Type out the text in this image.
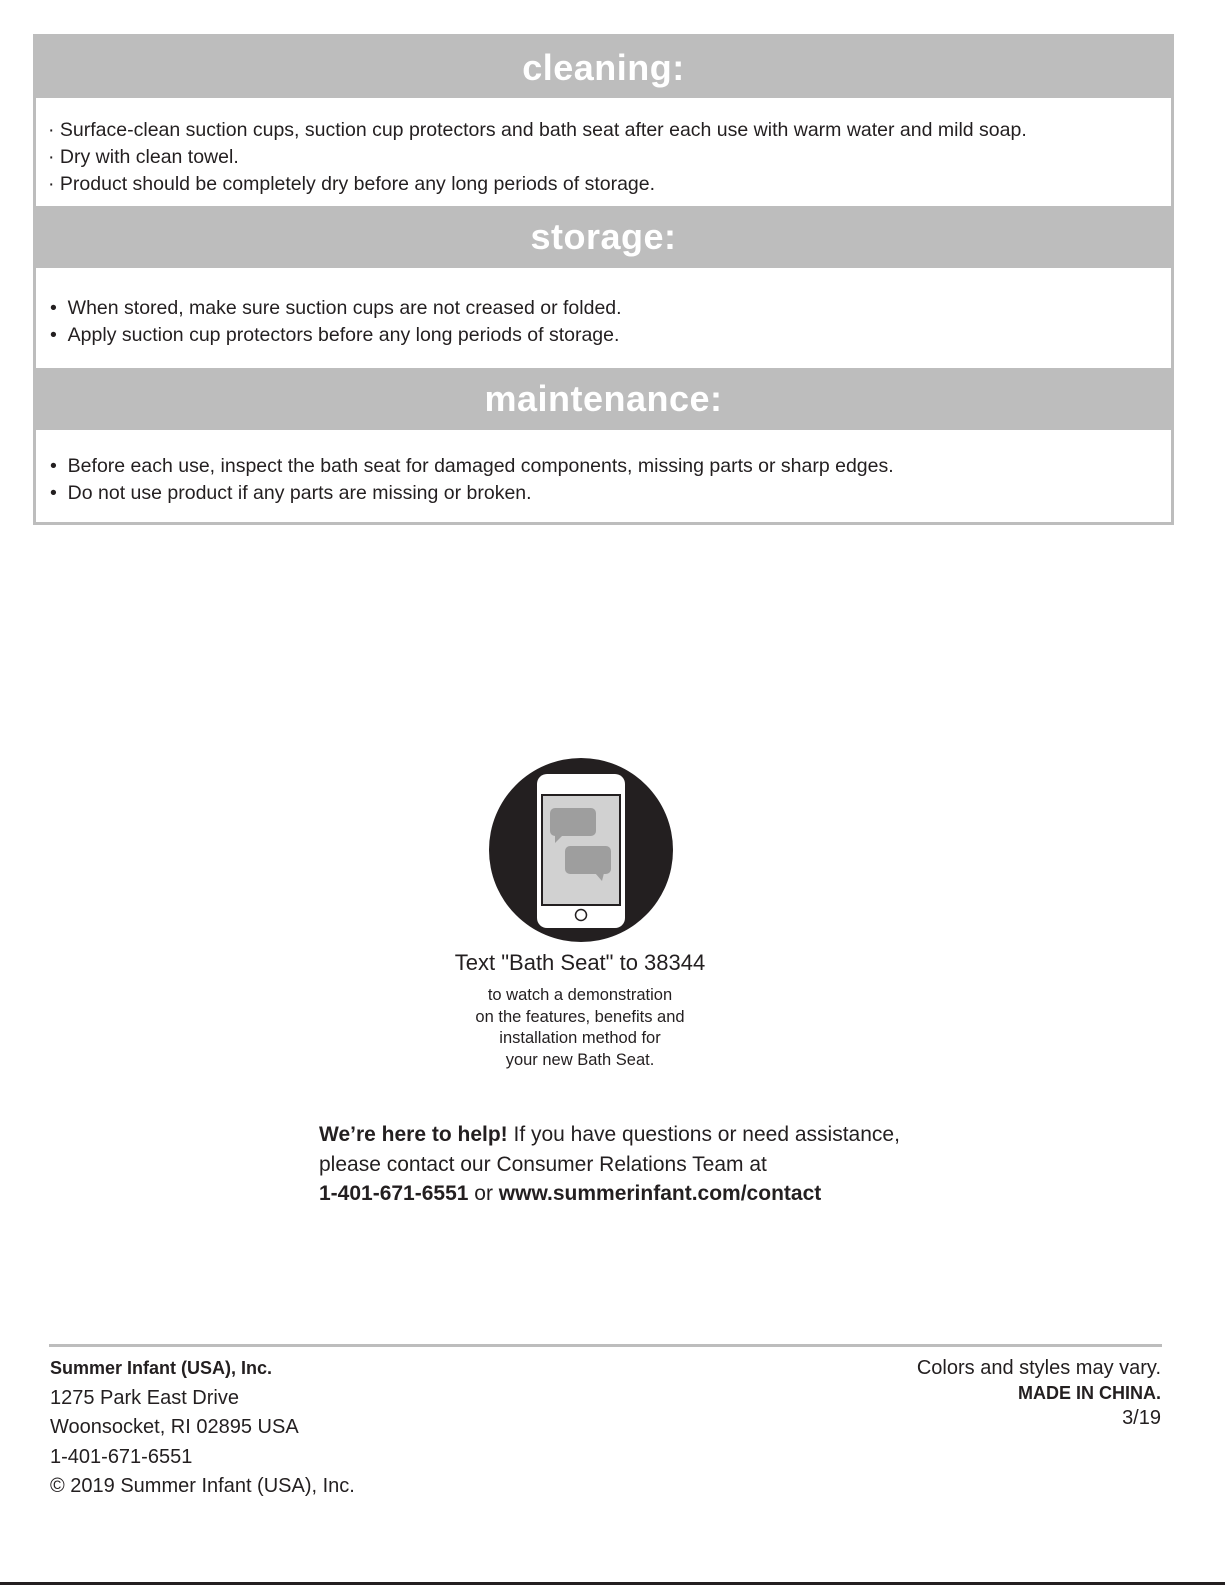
cleaning:
· Surface-clean suction cups, suction cup protectors and bath seat after each use with warm water and mild soap.
· Dry with clean towel.
· Product should be completely dry before any long periods of storage.
storage:
•  When stored, make sure suction cups are not creased or folded.
•  Apply suction cup protectors before any long periods of storage.
maintenance:
•  Before each use, inspect the bath seat for damaged components, missing parts or sharp edges.
•  Do not use product if any parts are missing or broken.
Text "Bath Seat" to 38344
to watch a demonstration
on the features, benefits and
installation method for
your new Bath Seat.
We’re here to help! If you have questions or need assistance,
please contact our Consumer Relations Team at
1-401-671-6551 or www.summerinfant.com/contact
Summer Infant (USA), Inc.
1275 Park East Drive
Woonsocket, RI 02895 USA
1-401-671-6551
© 2019 Summer Infant (USA), Inc.
Colors and styles may vary.
MADE IN CHINA.
3/19
